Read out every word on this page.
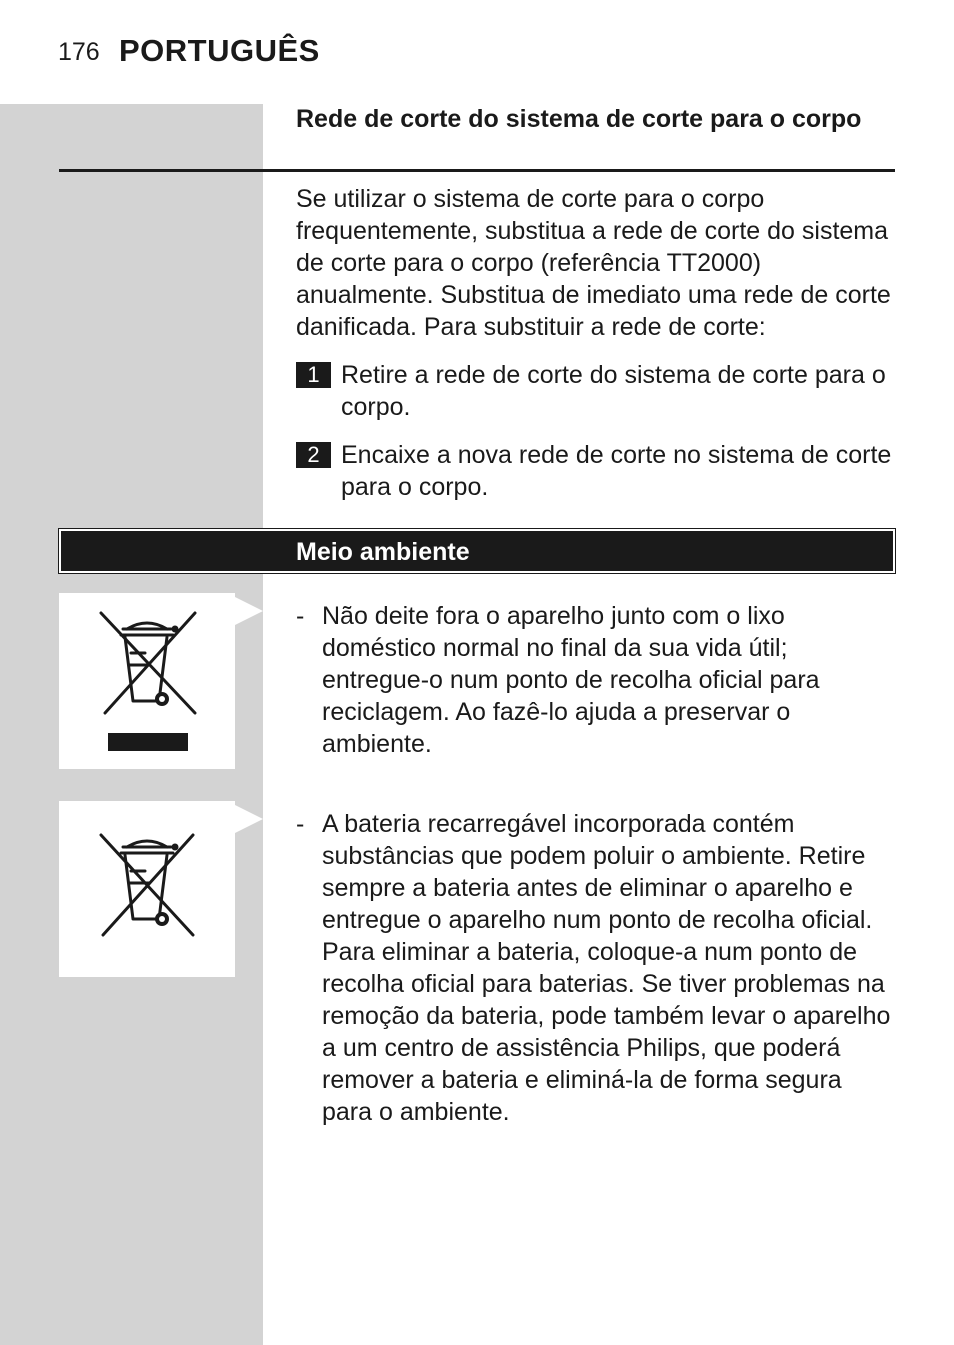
176 PORTUGUÊS
Rede de corte do sistema de corte para o corpo
Se utilizar o sistema de corte para o corpo frequentemente, substitua a rede de corte do sistema de corte para o corpo (referência TT2000) anualmente. Substitua de imediato uma rede de corte danificada. Para substituir a rede de corte:
1 Retire a rede de corte do sistema de corte para o corpo.
2 Encaixe a nova rede de corte no sistema de corte para o corpo.
Meio ambiente
- Não deite fora o aparelho junto com o lixo doméstico normal no final da sua vida útil; entregue-o num ponto de recolha oficial para reciclagem. Ao fazê-lo ajuda a preservar o ambiente.
- A bateria recarregável incorporada contém substâncias que podem poluir o ambiente. Retire sempre a bateria antes de eliminar o aparelho e entregue o aparelho num ponto de recolha oficial. Para eliminar a bateria, coloque-a num ponto de recolha oficial para baterias. Se tiver problemas na remoção da bateria, pode também levar o aparelho a um centro de assistência Philips, que poderá remover a bateria e eliminá-la de forma segura para o ambiente.
